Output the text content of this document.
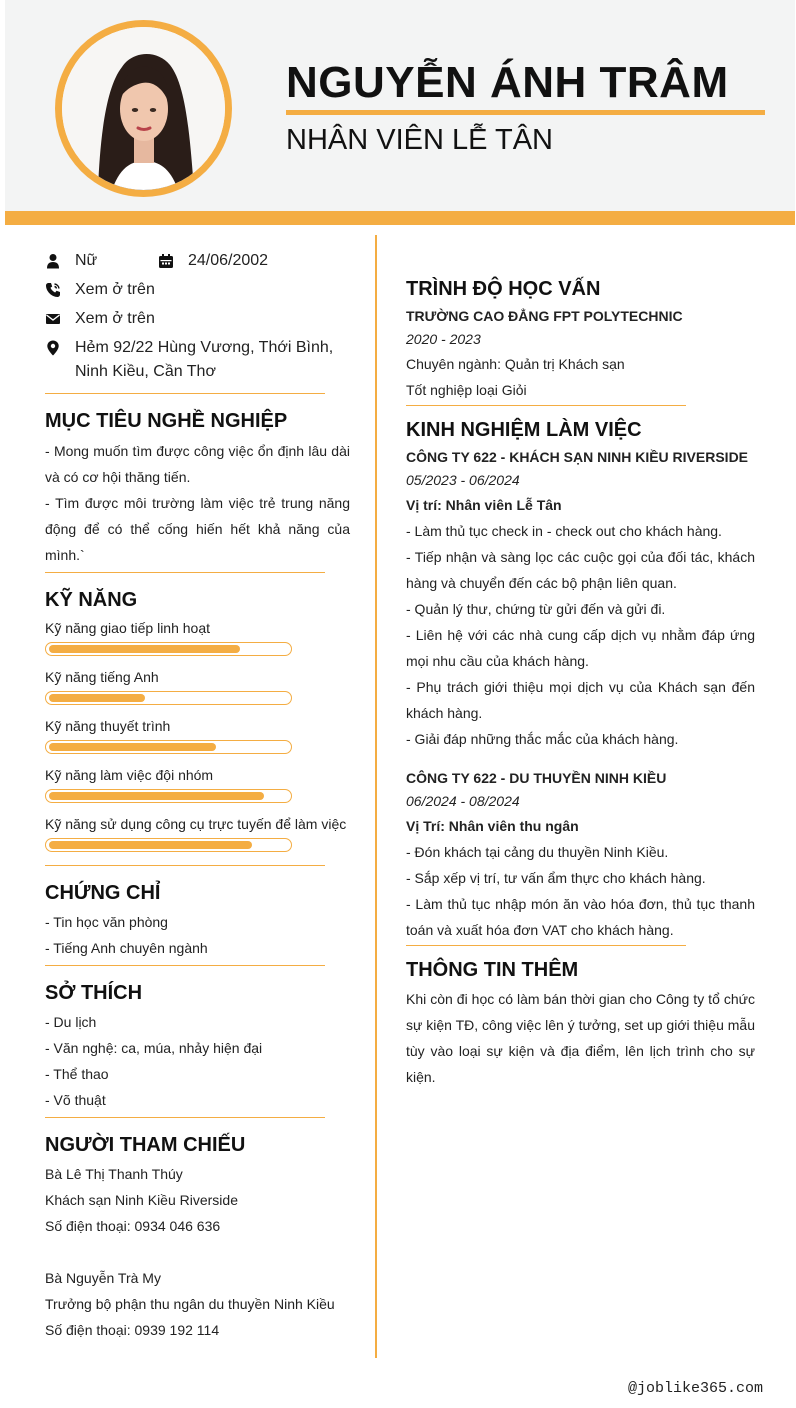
NGUYỄN ÁNH TRÂM
NHÂN VIÊN LỄ TÂN
Nữ	24/06/2002
Xem ở trên
Xem ở trên
Hẻm 92/22 Hùng Vương, Thới Bình, Ninh Kiều, Cần Thơ
MỤC TIÊU NGHỀ NGHIỆP
- Mong muốn tìm được công việc ổn định lâu dài và có cơ hội thăng tiến.
- Tìm được môi trường làm việc trẻ trung năng động để có thể cống hiến hết khả năng của mình.`
KỸ NĂNG
Kỹ năng giao tiếp linh hoạt
Kỹ năng tiếng Anh
Kỹ năng thuyết trình
Kỹ năng làm việc đội nhóm
Kỹ năng sử dụng công cụ trực tuyến để làm việc
CHỨNG CHỈ
- Tin học văn phòng
- Tiếng Anh chuyên ngành
SỞ THÍCH
- Du lịch
- Văn nghệ: ca, múa, nhảy hiện đại
- Thể thao
- Võ thuật
NGƯỜI THAM CHIẾU
Bà Lê Thị Thanh Thúy
Khách sạn Ninh Kiều Riverside
Số điện thoại: 0934 046 636
Bà Nguyễn Trà My
Trưởng bộ phận thu ngân du thuyền Ninh Kiều
Số điện thoại: 0939 192 114
TRÌNH ĐỘ HỌC VẤN
TRƯỜNG CAO ĐẲNG FPT POLYTECHNIC
2020 - 2023
Chuyên ngành: Quản trị Khách sạn
Tốt nghiệp loại Giỏi
KINH NGHIỆM LÀM VIỆC
CÔNG TY 622 - KHÁCH SẠN NINH KIỀU RIVERSIDE
05/2023 - 06/2024
Vị trí: Nhân viên Lễ Tân
- Làm thủ tục check in - check out cho khách hàng.
- Tiếp nhận và sàng lọc các cuộc gọi của đối tác, khách hàng và chuyển đến các bộ phận liên quan.
- Quản lý thư, chứng từ gửi đến và gửi đi.
- Liên hệ với các nhà cung cấp dịch vụ nhằm đáp ứng mọi nhu cầu của khách hàng.
- Phụ trách giới thiệu mọi dịch vụ của Khách sạn đến khách hàng.
- Giải đáp những thắc mắc của khách hàng.
CÔNG TY 622 - DU THUYỀN NINH KIỀU
06/2024 - 08/2024
Vị Trí: Nhân viên thu ngân
- Đón khách tại cảng du thuyền Ninh Kiều.
- Sắp xếp vị trí, tư vấn ẩm thực cho khách hàng.
- Làm thủ tục nhập món ăn vào hóa đơn, thủ tục thanh toán và xuất hóa đơn VAT cho khách hàng.
THÔNG TIN THÊM
Khi còn đi học có làm bán thời gian cho Công ty tổ chức sự kiện TĐ, công việc lên ý tưởng, set up giới thiệu mẫu tùy vào loại sự kiện và địa điểm, lên lịch trình cho sự kiện.
@joblike365.com
